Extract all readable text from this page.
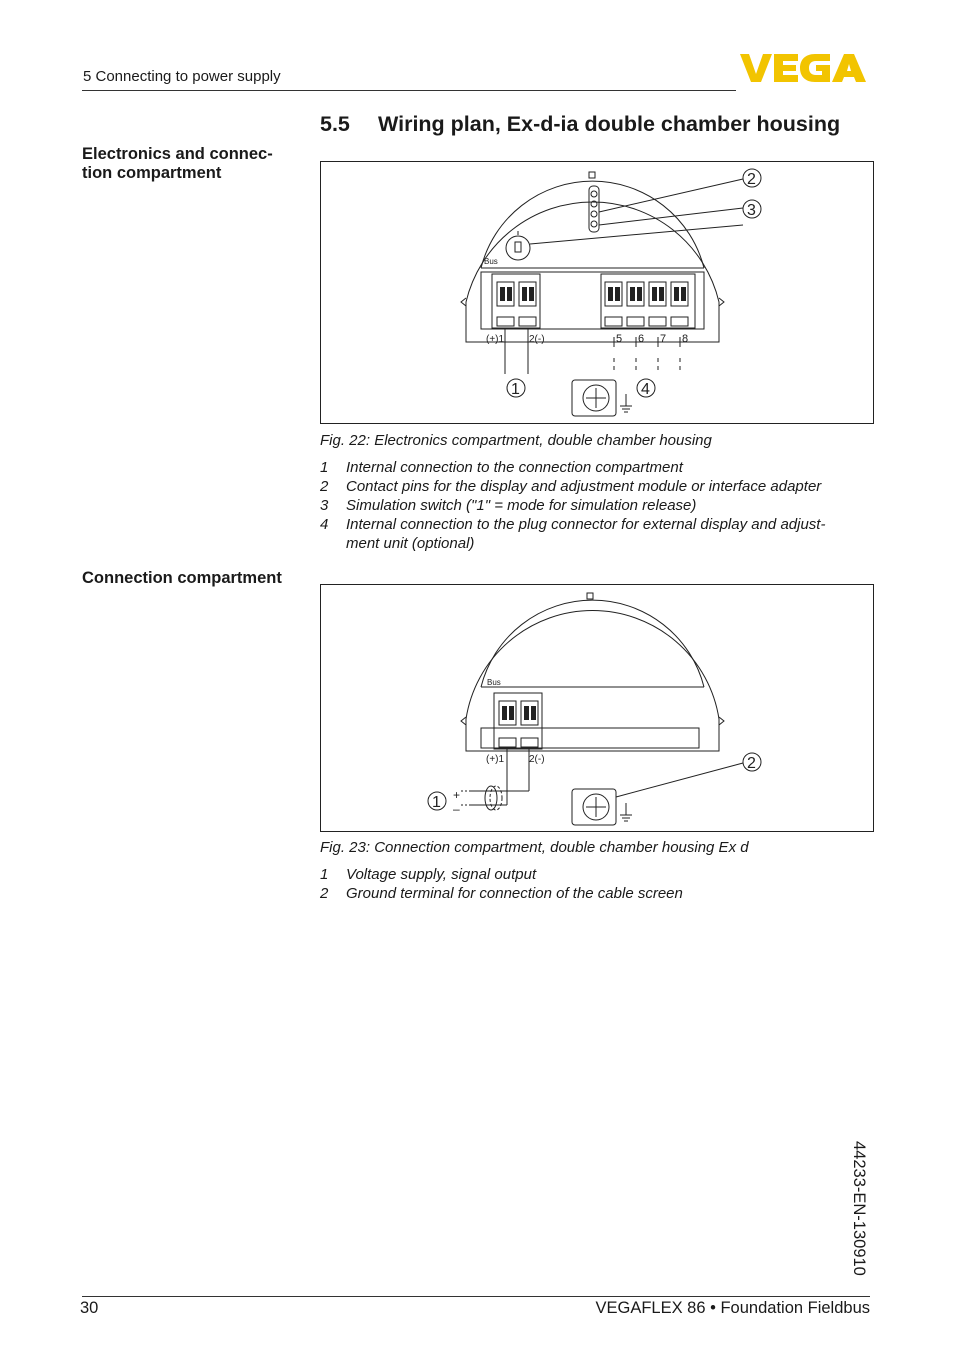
5 Connecting to power supply
5.5 Wiring plan, Ex-d-ia double chamber housing
Electronics and connec-
tion compartment
Bus
(+)1 2(-)	5 6 7 8
2
3
1	4
Fig. 22: Electronics compartment, double chamber housing
1	Internal connection to the connection compartment
2	Contact pins for the display and adjustment module or interface adapter
3	Simulation switch ("1" = mode for simulation release)
4	Internal connection to the plug connector for external display and adjust-
ment unit (optional)
Connection compartment
Bus
(+)1 2(-)
+
–
2
1
Fig. 23: Connection compartment, double chamber housing Ex d
1	Voltage supply, signal output
2	Ground terminal for connection of the cable screen
44233-EN-130910
30	VEGAFLEX 86 • Foundation Fieldbus
